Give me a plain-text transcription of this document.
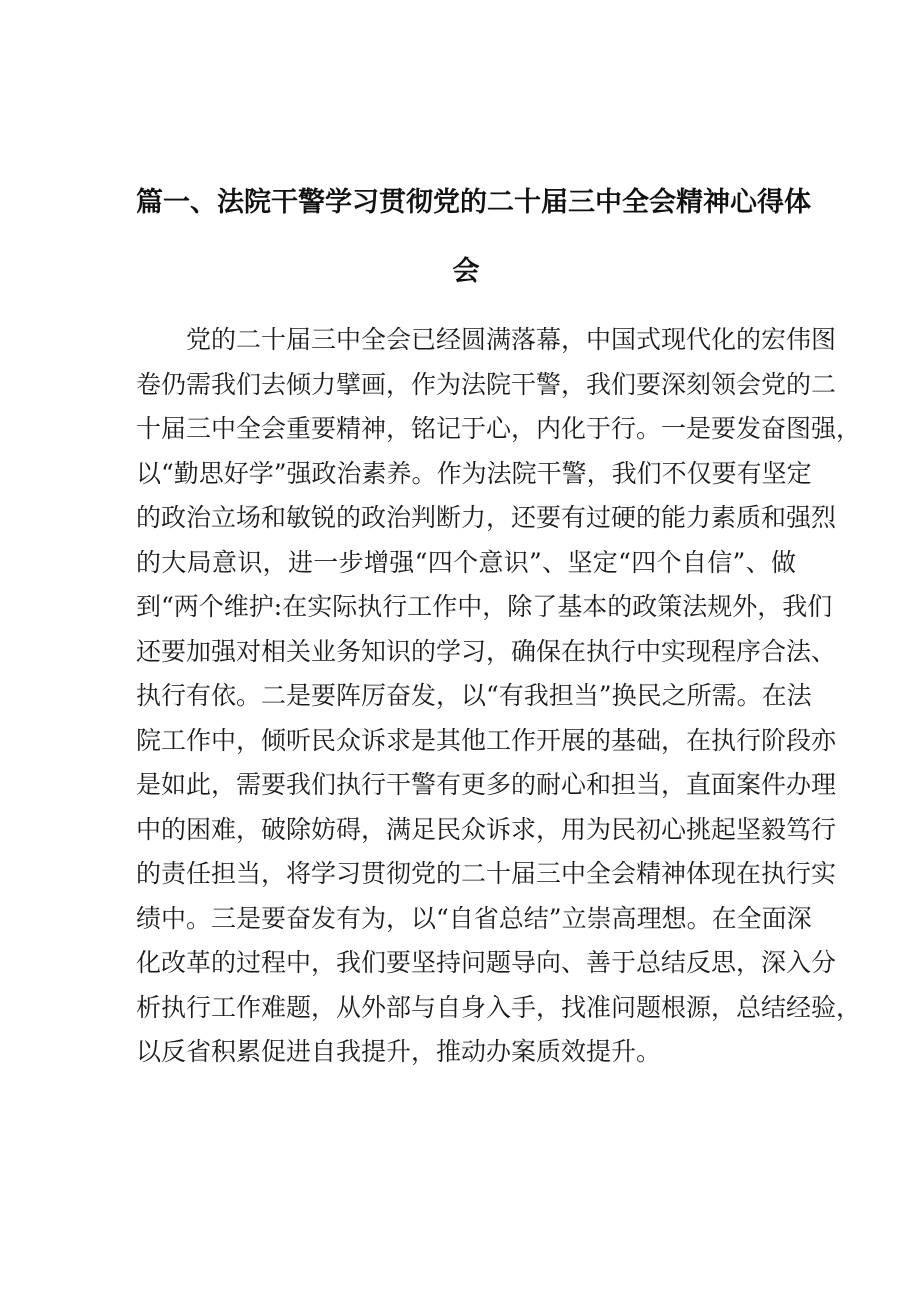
篇一、法院干警学习贯彻党的二十届三中全会精神心得体
会
党的二十届三中全会已经圆满落幕，中国式现代化的宏伟图
卷仍需我们去倾力擘画，作为法院干警，我们要深刻领会党的二
十届三中全会重要精神，铭记于心，内化于行。一是要发奋图强，
以“勤思好学”强政治素养。作为法院干警，我们不仅要有坚定
的政治立场和敏锐的政治判断力，还要有过硬的能力素质和强烈
的大局意识，进一步增强“四个意识”、坚定“四个自信”、做
到“两个维护:在实际执行工作中，除了基本的政策法规外，我们
还要加强对相关业务知识的学习，确保在执行中实现程序合法、
执行有依。二是要阵厉奋发，以“有我担当”换民之所需。在法
院工作中，倾听民众诉求是其他工作开展的基础，在执行阶段亦
是如此，需要我们执行干警有更多的耐心和担当，直面案件办理
中的困难，破除妨碍，满足民众诉求，用为民初心挑起坚毅笃行
的责任担当，将学习贯彻党的二十届三中全会精神体现在执行实
绩中。三是要奋发有为，以“自省总结”立崇高理想。在全面深
化改革的过程中，我们要坚持问题导向、善于总结反思，深入分
析执行工作难题，从外部与自身入手，找准问题根源，总结经验，
以反省积累促进自我提升，推动办案质效提升。
